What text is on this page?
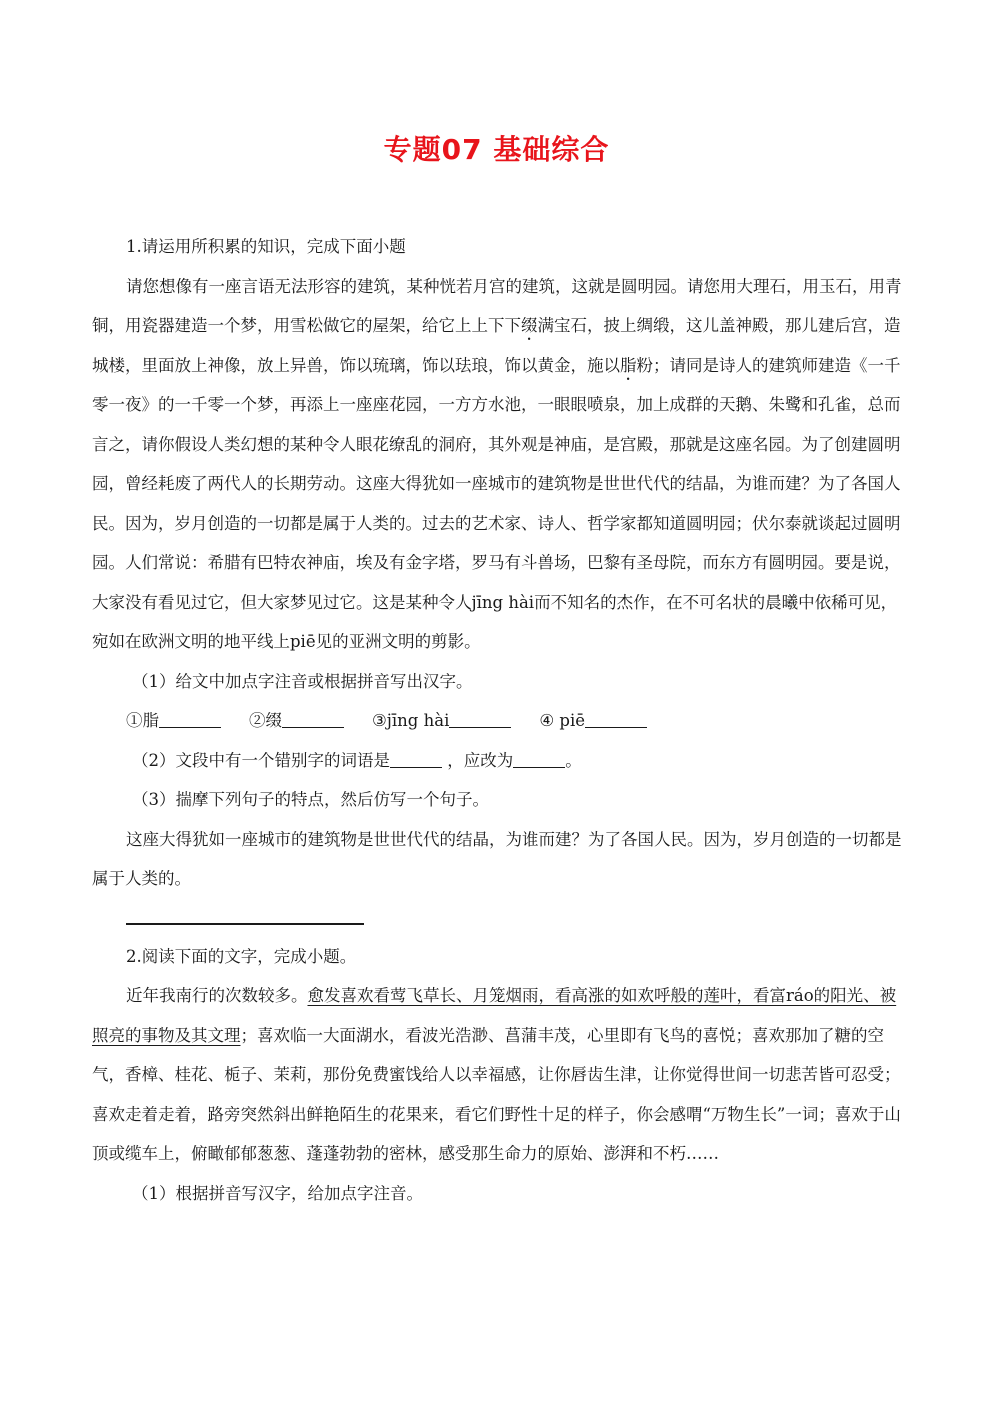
专题07 基础综合

1.请运用所积累的知识，完成下面小题

请您想像有一座言语无法形容的建筑，某种恍若月宫的建筑，这就是圆明园。请您用大理石，用玉石，用青铜，用瓷器建造一个梦，用雪松做它的屋架，给它上上下下缀满宝石，披上绸缎，这儿盖神殿，那儿建后宫，造城楼，里面放上神像，放上异兽，饰以琉璃，饰以珐琅，饰以黄金，施以脂粉；请同是诗人的建筑师建造《一千零一夜》的一千零一个梦，再添上一座座花园，一方方水池，一眼眼喷泉，加上成群的天鹅、朱鹭和孔雀，总而言之，请你假设人类幻想的某种令人眼花缭乱的洞府，其外观是神庙，是宫殿，那就是这座名园。为了创建圆明园，曾经耗废了两代人的长期劳动。这座大得犹如一座城市的建筑物是世世代代的结晶，为谁而建？为了各国人民。因为，岁月创造的一切都是属于人类的。过去的艺术家、诗人、哲学家都知道圆明园；伏尔泰就谈起过圆明园。人们常说：希腊有巴特农神庙，埃及有金字塔，罗马有斗兽场，巴黎有圣母院，而东方有圆明园。要是说，大家没有看见过它，但大家梦见过它。这是某种令人jīng hài而不知名的杰作，在不可名状的晨曦中依稀可见，宛如在欧洲文明的地平线上piē见的亚洲文明的剪影。

（1）给文中加点字注音或根据拼音写出汉字。

①脂	②缀	③jīng hài	④ piē

（2）文段中有一个错别字的词语是	，应改为	。

（3）揣摩下列句子的特点，然后仿写一个句子。

这座大得犹如一座城市的建筑物是世世代代的结晶，为谁而建？为了各国人民。因为，岁月创造的一切都是属于人类的。

2.阅读下面的文字，完成小题。

近年我南行的次数较多。愈发喜欢看莺飞草长、月笼烟雨，看高涨的如欢呼般的莲叶，看富ráo的阳光、被照亮的事物及其文理；喜欢临一大面湖水，看波光浩渺、菖蒲丰茂，心里即有飞鸟的喜悦；喜欢那加了糖的空气，香樟、桂花、栀子、茉莉，那份免费蜜饯给人以幸福感，让你唇齿生津，让你觉得世间一切悲苦皆可忍受；喜欢走着走着，路旁突然斜出鲜艳陌生的花果来，看它们野性十足的样子，你会感喟“万物生长”一词；喜欢于山顶或缆车上，俯瞰郁郁葱葱、蓬蓬勃勃的密林，感受那生命力的原始、澎湃和不朽……

（1）根据拼音写汉字，给加点字注音。
